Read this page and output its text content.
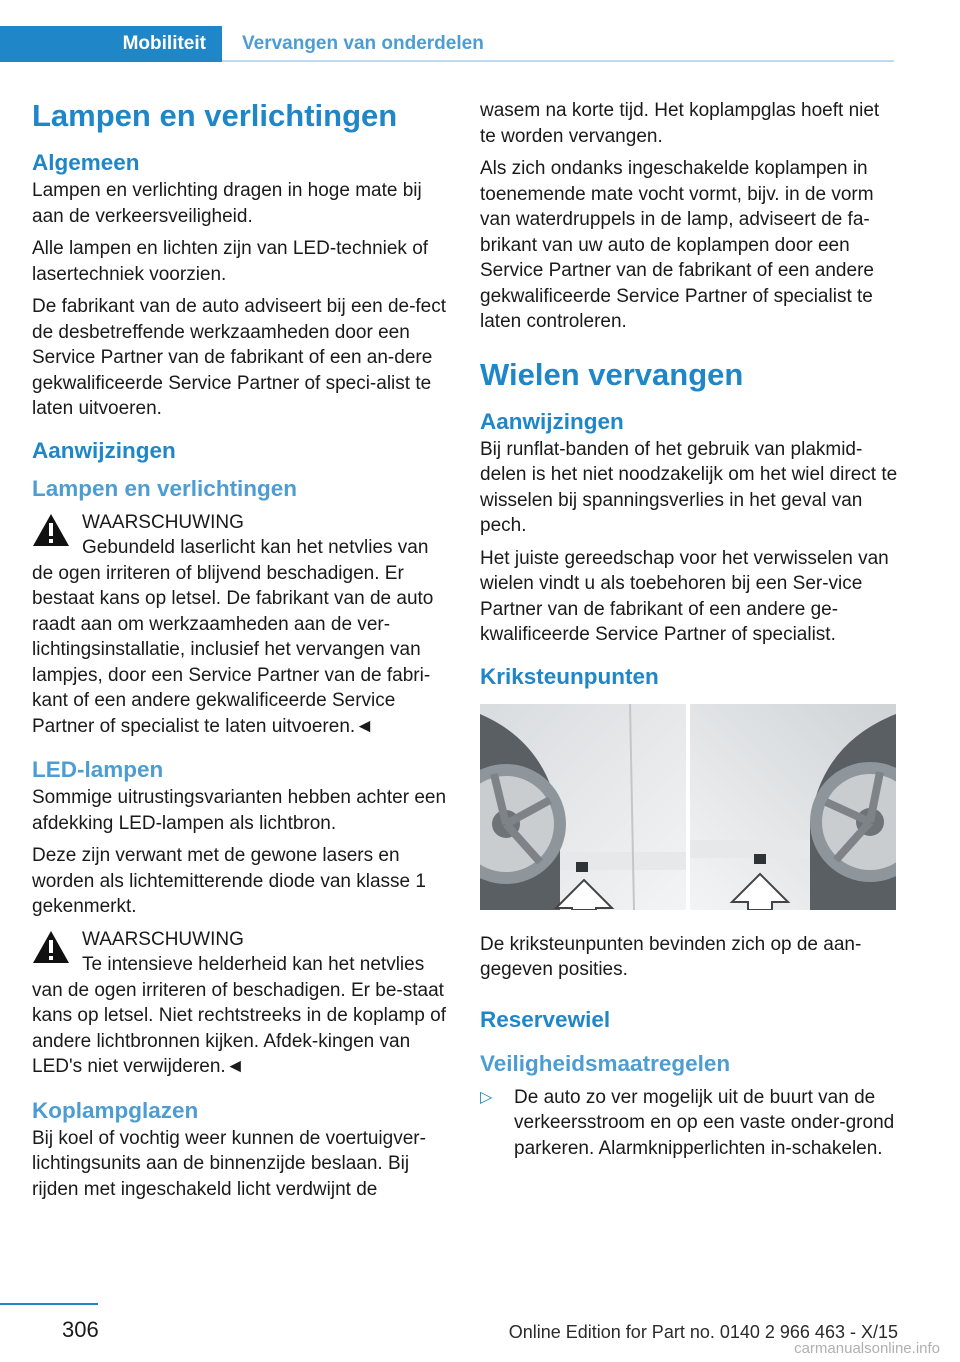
Mobiliteit	Vervangen van onderdelen
Lampen en verlichtingen
Algemeen

Lampen en verlichting dragen in hoge mate bij aan de verkeersveiligheid.

Alle lampen en lichten zijn van LED-techniek of lasertechniek voorzien.

De fabrikant van de auto adviseert bij een de-fect de desbetreffende werkzaamheden door een Service Partner van de fabrikant of een an-dere gekwalificeerde Service Partner of speci-alist te laten uitvoeren.

Aanwijzingen
Lampen en verlichtingen
WAARSCHUWING
Gebundeld laserlicht kan het netvlies van
de ogen irriteren of blijvend beschadigen. Er bestaat kans op letsel. De fabrikant van de auto raadt aan om werkzaamheden aan de ver-lichtingsinstallatie, inclusief het vervangen van lampjes, door een Service Partner van de fabri-kant of een andere gekwalificeerde Service Partner of specialist te laten uitvoeren.◄
LED-lampen

Sommige uitrustingsvarianten hebben achter een afdekking LED-lampen als lichtbron.

Deze zijn verwant met de gewone lasers en worden als lichtemitterende diode van klasse 1 gekenmerkt.

WAARSCHUWING
Te intensieve helderheid kan het netvlies
van de ogen irriteren of beschadigen. Er be-staat kans op letsel. Niet rechtstreeks in de koplamp of andere lichtbronnen kijken. Afdek-kingen van LED's niet verwijderen.◄
Koplampglazen

Bij koel of vochtig weer kunnen de voertuigver-lichtingsunits aan de binnenzijde beslaan. Bij rijden met ingeschakeld licht verdwijnt de

wasem na korte tijd. Het koplampglas hoeft niet te worden vervangen.

Als zich ondanks ingeschakelde koplampen in toenemende mate vocht vormt, bijv. in de vorm van waterdruppels in de lamp, adviseert de fa-brikant van uw auto de koplampen door een Service Partner van de fabrikant of een andere gekwalificeerde Service Partner of specialist te laten controleren.

Wielen vervangen
Aanwijzingen

Bij runflat-banden of het gebruik van plakmid-delen is het niet noodzakelijk om het wiel direct te wisselen bij spanningsverlies in het geval van pech.

Het juiste gereedschap voor het verwisselen van wielen vindt u als toebehoren bij een Ser-vice Partner van de fabrikant of een andere ge-kwalificeerde Service Partner of specialist.

Kriksteunpunten

De kriksteunpunten bevinden zich op de aan-gegeven posities.

Reservewiel
Veiligheidsmaatregelen
▷ De auto zo ver mogelijk uit de buurt van de verkeersstroom en op een vaste onder-grond parkeren. Alarmknipperlichten in-schakelen.
306	Online Edition for Part no. 0140 2 966 463 - X/15
carmanualsonline.info
